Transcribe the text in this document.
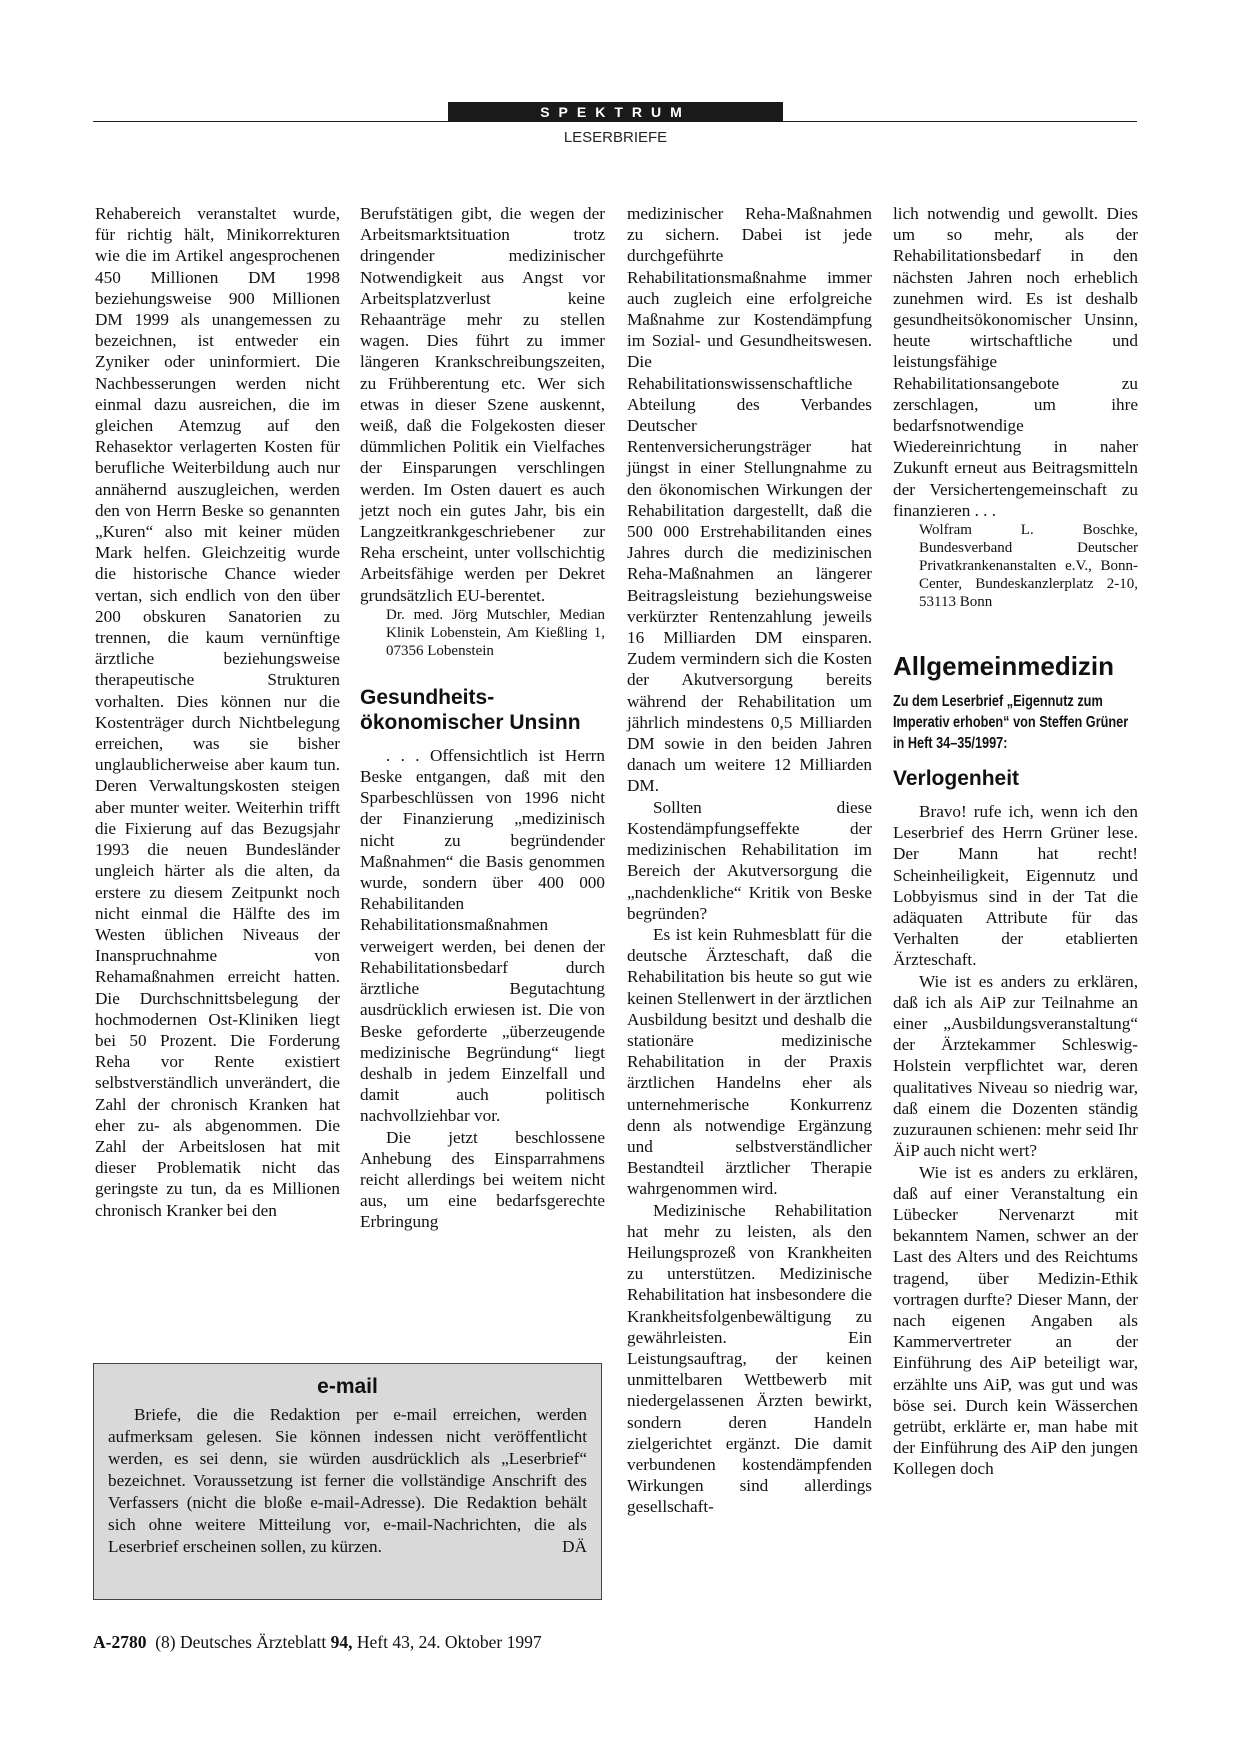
SPEKTRUM
LESERBRIEFE

Rehabereich veranstaltet wurde, für richtig hält, Minikorrekturen wie die im Artikel angesprochenen 450 Millionen DM 1998 beziehungsweise 900 Millionen DM 1999 als unangemessen zu bezeichnen, ist entweder ein Zyniker oder uninformiert. Die Nachbesserungen werden nicht einmal dazu ausreichen, die im gleichen Atemzug auf den Rehasektor verlagerten Kosten für berufliche Weiterbildung auch nur annähernd auszugleichen, werden den von Herrn Beske so genannten „Kuren“ also mit keiner müden Mark helfen. Gleichzeitig wurde die historische Chance wieder vertan, sich endlich von den über 200 obskuren Sanatorien zu trennen, die kaum vernünftige ärztliche beziehungsweise therapeutische Strukturen vorhalten. Dies können nur die Kostenträger durch Nichtbelegung erreichen, was sie bisher unglaublicherweise aber kaum tun. Deren Verwaltungskosten steigen aber munter weiter. Weiterhin trifft die Fixierung auf das Bezugsjahr 1993 die neuen Bundesländer ungleich härter als die alten, da erstere zu diesem Zeitpunkt noch nicht einmal die Hälfte des im Westen üblichen Niveaus der Inanspruchnahme von Rehamaßnahmen erreicht hatten. Die Durchschnittsbelegung der hochmodernen Ost-Kliniken liegt bei 50 Prozent. Die Forderung Reha vor Rente existiert selbstverständlich unverändert, die Zahl der chronisch Kranken hat eher zu- als abgenommen. Die Zahl der Arbeitslosen hat mit dieser Problematik nicht das geringste zu tun, da es Millionen chronisch Kranker bei den

Berufstätigen gibt, die wegen der Arbeitsmarktsituation trotz dringender medizinischer Notwendigkeit aus Angst vor Arbeitsplatzverlust keine Rehaanträge mehr zu stellen wagen. Dies führt zu immer längeren Krankschreibungszeiten, zu Frühberentung etc. Wer sich etwas in dieser Szene auskennt, weiß, daß die Folgekosten dieser dümmlichen Politik ein Vielfaches der Einsparungen verschlingen werden. Im Osten dauert es auch jetzt noch ein gutes Jahr, bis ein Langzeitkrankgeschriebener zur Reha erscheint, unter vollschichtig Arbeitsfähige werden per Dekret grundsätzlich EU-berentet.

Dr. med. Jörg Mutschler, Median Klinik Lobenstein, Am Kießling 1, 07356 Lobenstein

Gesundheits-ökonomischer Unsinn

. . . Offensichtlich ist Herrn Beske entgangen, daß mit den Sparbeschlüssen von 1996 nicht der Finanzierung „medizinisch nicht zu begründender Maßnahmen“ die Basis genommen wurde, sondern über 400 000 Rehabilitanden Rehabilitationsmaßnahmen verweigert werden, bei denen der Rehabilitationsbedarf durch ärztliche Begutachtung ausdrücklich erwiesen ist. Die von Beske geforderte „überzeugende medizinische Begründung“ liegt deshalb in jedem Einzelfall und damit auch politisch nachvollziehbar vor.

Die jetzt beschlossene Anhebung des Einsparrahmens reicht allerdings bei weitem nicht aus, um eine bedarfsgerechte Erbringung

medizinischer Reha-Maßnahmen zu sichern. Dabei ist jede durchgeführte Rehabilitationsmaßnahme immer auch zugleich eine erfolgreiche Maßnahme zur Kostendämpfung im Sozial- und Gesundheitswesen. Die Rehabilitationswissenschaftliche Abteilung des Verbandes Deutscher Rentenversicherungsträger hat jüngst in einer Stellungnahme zu den ökonomischen Wirkungen der Rehabilitation dargestellt, daß die 500 000 Erstrehabilitanden eines Jahres durch die medizinischen Reha-Maßnahmen an längerer Beitragsleistung beziehungsweise verkürzter Rentenzahlung jeweils 16 Milliarden DM einsparen. Zudem vermindern sich die Kosten der Akutversorgung bereits während der Rehabilitation um jährlich mindestens 0,5 Milliarden DM sowie in den beiden Jahren danach um weitere 12 Milliarden DM.

Sollten diese Kostendämpfungseffekte der medizinischen Rehabilitation im Bereich der Akutversorgung die „nachdenkliche“ Kritik von Beske begründen?

Es ist kein Ruhmesblatt für die deutsche Ärzteschaft, daß die Rehabilitation bis heute so gut wie keinen Stellenwert in der ärztlichen Ausbildung besitzt und deshalb die stationäre medizinische Rehabilitation in der Praxis ärztlichen Handelns eher als unternehmerische Konkurrenz denn als notwendige Ergänzung und selbstverständlicher Bestandteil ärztlicher Therapie wahrgenommen wird.

Medizinische Rehabilitation hat mehr zu leisten, als den Heilungsprozeß von Krankheiten zu unterstützen. Medizinische Rehabilitation hat insbesondere die Krankheitsfolgenbewältigung zu gewährleisten. Ein Leistungsauftrag, der keinen unmittelbaren Wettbewerb mit niedergelassenen Ärzten bewirkt, sondern deren Handeln zielgerichtet ergänzt. Die damit verbundenen kostendämpfenden Wirkungen sind allerdings gesellschaft-

lich notwendig und gewollt. Dies um so mehr, als der Rehabilitationsbedarf in den nächsten Jahren noch erheblich zunehmen wird. Es ist deshalb gesundheitsökonomischer Unsinn, heute wirtschaftliche und leistungsfähige Rehabilitationsangebote zu zerschlagen, um ihre bedarfsnotwendige Wiedereinrichtung in naher Zukunft erneut aus Beitragsmitteln der Versichertengemeinschaft zu finanzieren . . .

Wolfram L. Boschke, Bundesverband Deutscher Privatkrankenanstalten e.V., Bonn-Center, Bundeskanzlerplatz 2-10, 53113 Bonn

Allgemeinmedizin

Zu dem Leserbrief „Eigennutz zum Imperativ erhoben“ von Steffen Grüner in Heft 34–35/1997:

Verlogenheit

Bravo! rufe ich, wenn ich den Leserbrief des Herrn Grüner lese. Der Mann hat recht! Scheinheiligkeit, Eigennutz und Lobbyismus sind in der Tat die adäquaten Attribute für das Verhalten der etablierten Ärzteschaft.

Wie ist es anders zu erklären, daß ich als AiP zur Teilnahme an einer „Ausbildungsveranstaltung“ der Ärztekammer Schleswig-Holstein verpflichtet war, deren qualitatives Niveau so niedrig war, daß einem die Dozenten ständig zuzuraunen schienen: mehr seid Ihr ÄiP auch nicht wert?

Wie ist es anders zu erklären, daß auf einer Veranstaltung ein Lübecker Nervenarzt mit bekanntem Namen, schwer an der Last des Alters und des Reichtums tragend, über Medizin-Ethik vortragen durfte? Dieser Mann, der nach eigenen Angaben als Kammervertreter an der Einführung des AiP beteiligt war, erzählte uns AiP, was gut und was böse sei. Durch kein Wässerchen getrübt, erklärte er, man habe mit der Einführung des AiP den jungen Kollegen doch

e-mail

Briefe, die die Redaktion per e-mail erreichen, werden aufmerksam gelesen. Sie können indessen nicht veröffentlicht werden, es sei denn, sie würden ausdrücklich als „Leserbrief“ bezeichnet. Voraussetzung ist ferner die vollständige Anschrift des Verfassers (nicht die bloße e-mail-Adresse). Die Redaktion behält sich ohne weitere Mitteilung vor, e-mail-Nachrichten, die als Leserbrief erscheinen sollen, zu kürzen.	DÄ
A-2780 (8) Deutsches Ärzteblatt 94, Heft 43, 24. Oktober 1997
